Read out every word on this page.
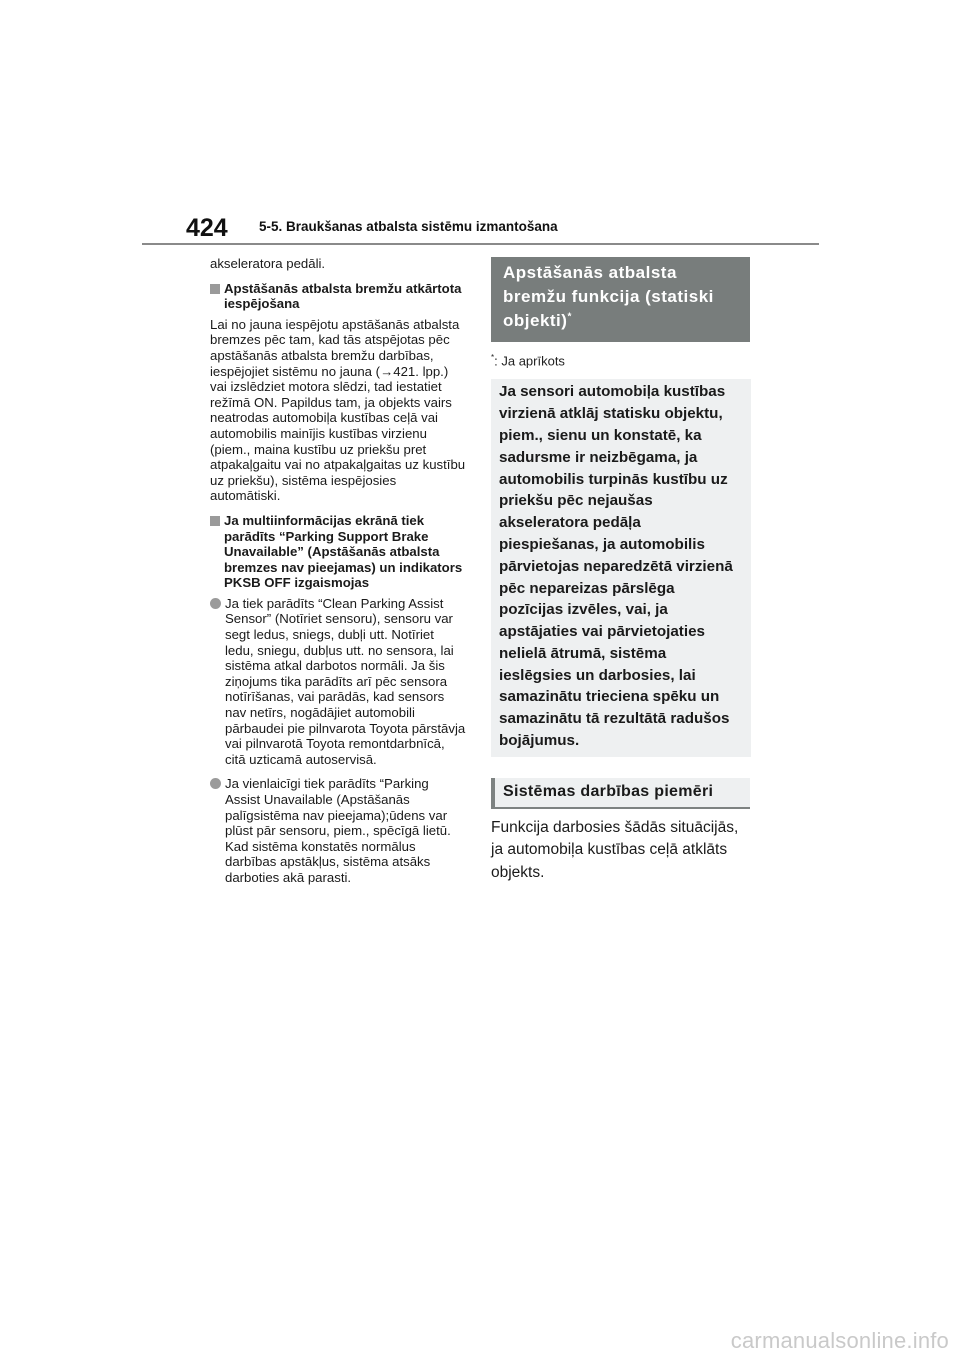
424 5-5. Braukšanas atbalsta sistēmu izmantošana

akseleratora pedāli.

Apstāšanās atbalsta bremžu atkārtota iespējošana

Lai no jauna iespējotu apstāšanās atbalsta bremzes pēc tam, kad tās atspējotas pēc apstāšanās atbalsta bremžu darbības, iespējojiet sistēmu no jauna (→421. lpp.) vai izslēdziet motora slēdzi, tad iestatiet režīmā ON. Papildus tam, ja objekts vairs neatrodas automobiļa kustības ceļā vai automobilis mainījis kustības virzienu (piem., maina kustību uz priekšu pret atpakaļgaitu vai no atpakaļgaitas uz kustību uz priekšu), sistēma iespējosies automātiski.

Ja multiinformācijas ekrānā tiek parādīts “Parking Support Brake Unavailable” (Apstāšanās atbalsta bremzes nav pieejamas) un indikators PKSB OFF izgaismojas
Ja tiek parādīts “Clean Parking Assist Sensor” (Notīriet sensoru), sensoru var segt ledus, sniegs, dubļi utt. Notīriet ledu, sniegu, dubļus utt. no sensora, lai sistēma atkal darbotos normāli. Ja šis ziņojums tika parādīts arī pēc sensora notīrīšanas, vai parādās, kad sensors nav netīrs, nogādājiet automobili pārbaudei pie pilnvarota Toyota pārstāvja vai pilnvarotā Toyota remontdarbnīcā, citā uzticamā autoservisā.
Ja vienlaicīgi tiek parādīts “Parking Assist Unavailable (Apstāšanās palīgsistēma nav pieejama);ūdens var plūst pār sensoru, piem., spēcīgā lietū. Kad sistēma konstatēs normālus darbības apstākļus, sistēma atsāks darboties akā parasti.
Apstāšanās atbalsta bremžu funkcija (statiski objekti)*
*: Ja aprīkots
Ja sensori automobiļa kustības virzienā atklāj statisku objektu, piem., sienu un konstatē, ka sadursme ir neizbēgama, ja automobilis turpinās kustību uz priekšu pēc nejaušas akseleratora pedāļa piespiešanas, ja automobilis pārvietojas neparedzētā virzienā pēc nepareizas pārslēga pozīcijas izvēles, vai, ja apstājaties vai pārvietojaties nelielā ātrumā, sistēma ieslēgsies un darbosies, lai samazinātu trieciena spēku un samazinātu tā rezultātā radušos bojājumus.
Sistēmas darbības piemēri
Funkcija darbosies šādās situācijās, ja automobiļa kustības ceļā atklāts objekts.
carmanualsonline.info
